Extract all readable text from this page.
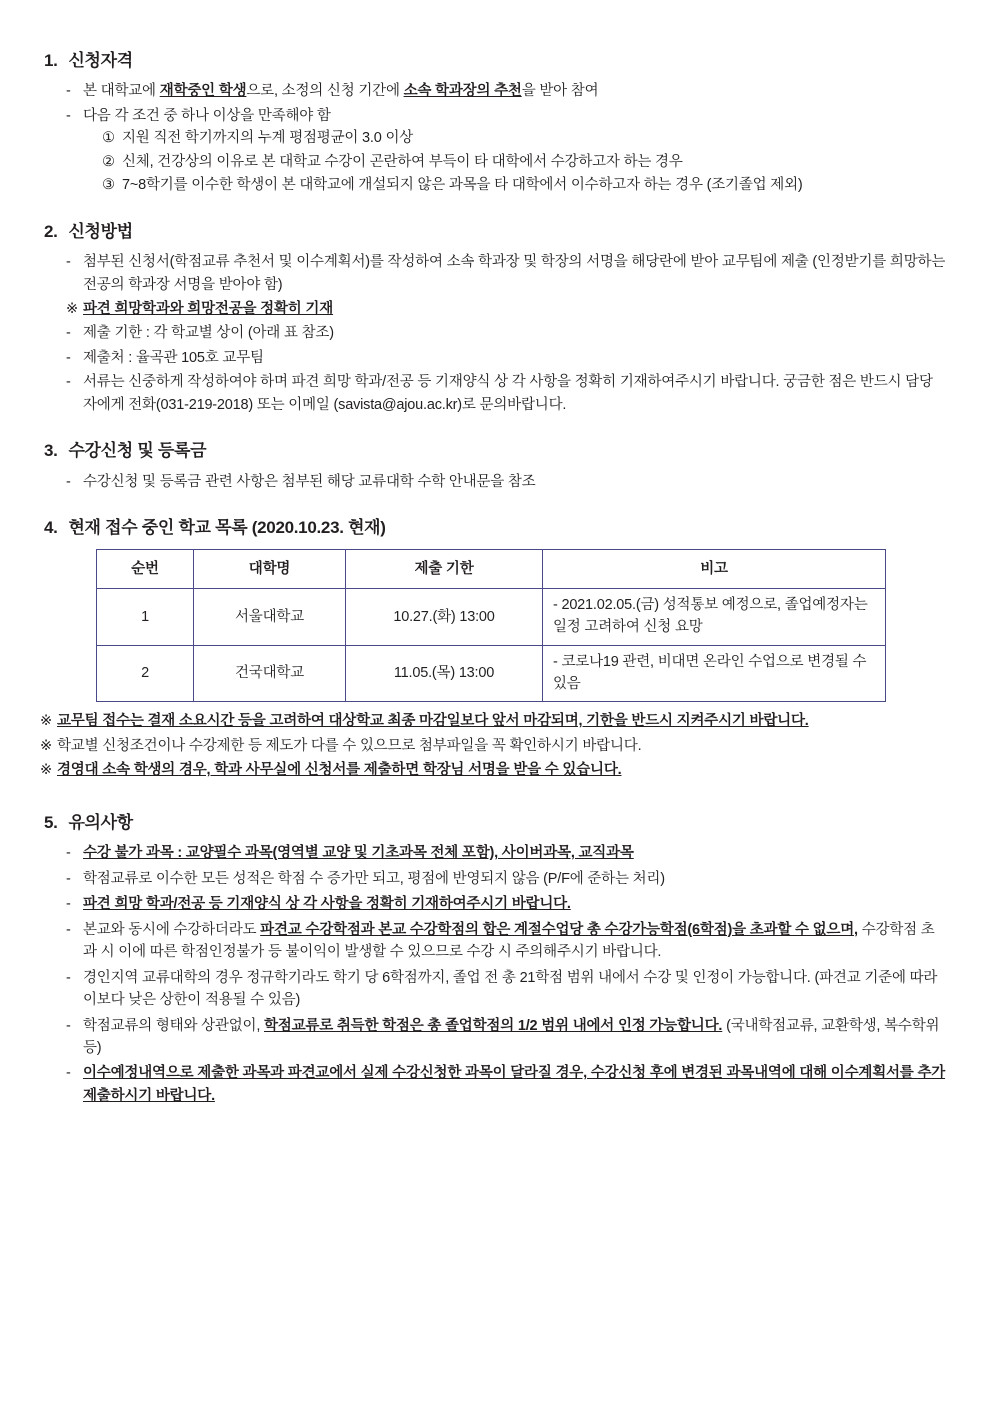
1. 신청자격
- 본 대학교에 재학중인 학생으로, 소정의 신청 기간에 소속 학과장의 추천을 받아 참여
- 다음 각 조건 중 하나 이상을 만족해야 함
① 지원 직전 학기까지의 누계 평점평균이 3.0 이상
② 신체, 건강상의 이유로 본 대학교 수강이 곤란하여 부득이 타 대학에서 수강하고자 하는 경우
③ 7~8학기를 이수한 학생이 본 대학교에 개설되지 않은 과목을 타 대학에서 이수하고자 하는 경우 (조기졸업 제외)
2. 신청방법
- 첨부된 신청서(학점교류 추천서 및 이수계획서)를 작성하여 소속 학과장 및 학장의 서명을 해당란에 받아 교무팀에 제출 (인정받기를 희망하는 전공의 학과장 서명을 받아야 함)
※ 파견 희망학과와 희망전공을 정확히 기재
- 제출 기한 : 각 학교별 상이 (아래 표 참조)
- 제출처 : 율곡관 105호 교무팀
- 서류는 신중하게 작성하여야 하며 파견 희망 학과/전공 등 기재양식 상 각 사항을 정확히 기재하여주시기 바랍니다. 궁금한 점은 반드시 담당자에게 전화(031-219-2018) 또는 이메일 (savista@ajou.ac.kr)로 문의바랍니다.
3. 수강신청 및 등록금
- 수강신청 및 등록금 관련 사항은 첨부된 해당 교류대학 수학 안내문을 참조
4. 현재 접수 중인 학교 목록 (2020.10.23. 현재)
순번	대학명	제출 기한	비고
1	서울대학교	10.27.(화) 13:00	- 2021.02.05.(금) 성적통보 예정으로, 졸업예정자는 일정 고려하여 신청 요망
2	건국대학교	11.05.(목) 13:00	- 코로나19 관련, 비대면 온라인 수업으로 변경될 수 있음
※ 교무팀 접수는 결재 소요시간 등을 고려하여 대상학교 최종 마감일보다 앞서 마감되며, 기한을 반드시 지켜주시기 바랍니다.
※ 학교별 신청조건이나 수강제한 등 제도가 다를 수 있으므로 첨부파일을 꼭 확인하시기 바랍니다.
※ 경영대 소속 학생의 경우, 학과 사무실에 신청서를 제출하면 학장님 서명을 받을 수 있습니다.
5. 유의사항
- 수강 불가 과목 : 교양필수 과목(영역별 교양 및 기초과목 전체 포함), 사이버과목, 교직과목
- 학점교류로 이수한 모든 성적은 학점 수 증가만 되고, 평점에 반영되지 않음 (P/F에 준하는 처리)
- 파견 희망 학과/전공 등 기재양식 상 각 사항을 정확히 기재하여주시기 바랍니다.
- 본교와 동시에 수강하더라도 파견교 수강학점과 본교 수강학점의 합은 계절수업당 총 수강가능학점(6학점)을 초과할 수 없으며, 수강학점 초과 시 이에 따른 학점인정불가 등 불이익이 발생할 수 있으므로 수강 시 주의해주시기 바랍니다.
- 경인지역 교류대학의 경우 정규학기라도 학기 당 6학점까지, 졸업 전 총 21학점 범위 내에서 수강 및 인정이 가능합니다. (파견교 기준에 따라 이보다 낮은 상한이 적용될 수 있음)
- 학점교류의 형태와 상관없이, 학점교류로 취득한 학점은 총 졸업학점의 1/2 범위 내에서 인정 가능합니다. (국내학점교류, 교환학생, 복수학위 등)
- 이수예정내역으로 제출한 과목과 파견교에서 실제 수강신청한 과목이 달라질 경우, 수강신청 후에 변경된 과목내역에 대해 이수계획서를 추가 제출하시기 바랍니다.
